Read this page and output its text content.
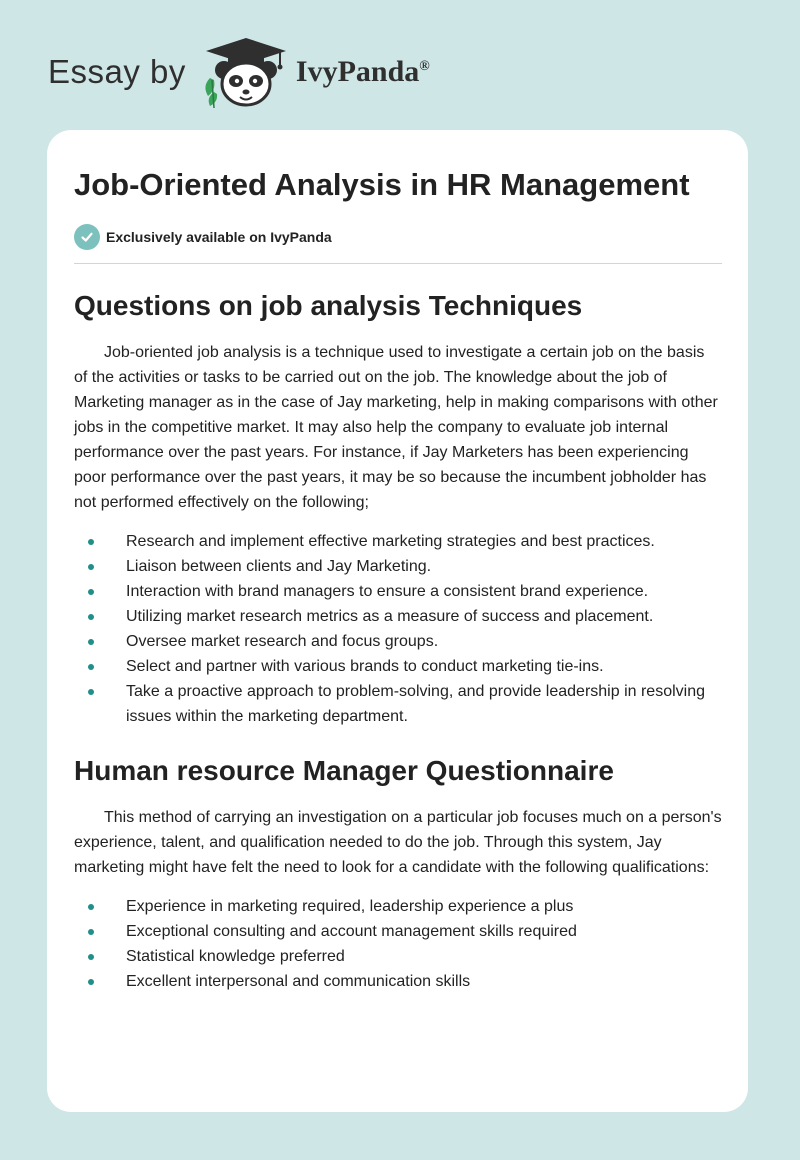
Essay by	IvyPanda®
Job-Oriented Analysis in HR Management
Exclusively available on IvyPanda
Questions on job analysis Techniques

Job-oriented job analysis is a technique used to investigate a certain job on the basis of the activities or tasks to be carried out on the job. The knowledge about the job of Marketing manager as in the case of Jay marketing, help in making comparisons with other jobs in the competitive market. It may also help the company to evaluate job internal performance over the past years. For instance, if Jay Marketers has been experiencing poor performance over the past years, it may be so because the incumbent jobholder has not performed effectively on the following;

Research and implement effective marketing strategies and best practices.
Liaison between clients and Jay Marketing.
Interaction with brand managers to ensure a consistent brand experience.
Utilizing market research metrics as a measure of success and placement.
Oversee market research and focus groups.
Select and partner with various brands to conduct marketing tie-ins.
Take a proactive approach to problem-solving, and provide leadership in resolving issues within the marketing department.
Human resource Manager Questionnaire

This method of carrying an investigation on a particular job focuses much on a person's experience, talent, and qualification needed to do the job. Through this system, Jay marketing might have felt the need to look for a candidate with the following qualifications:

Experience in marketing required, leadership experience a plus
Exceptional consulting and account management skills required
Statistical knowledge preferred
Excellent interpersonal and communication skills
